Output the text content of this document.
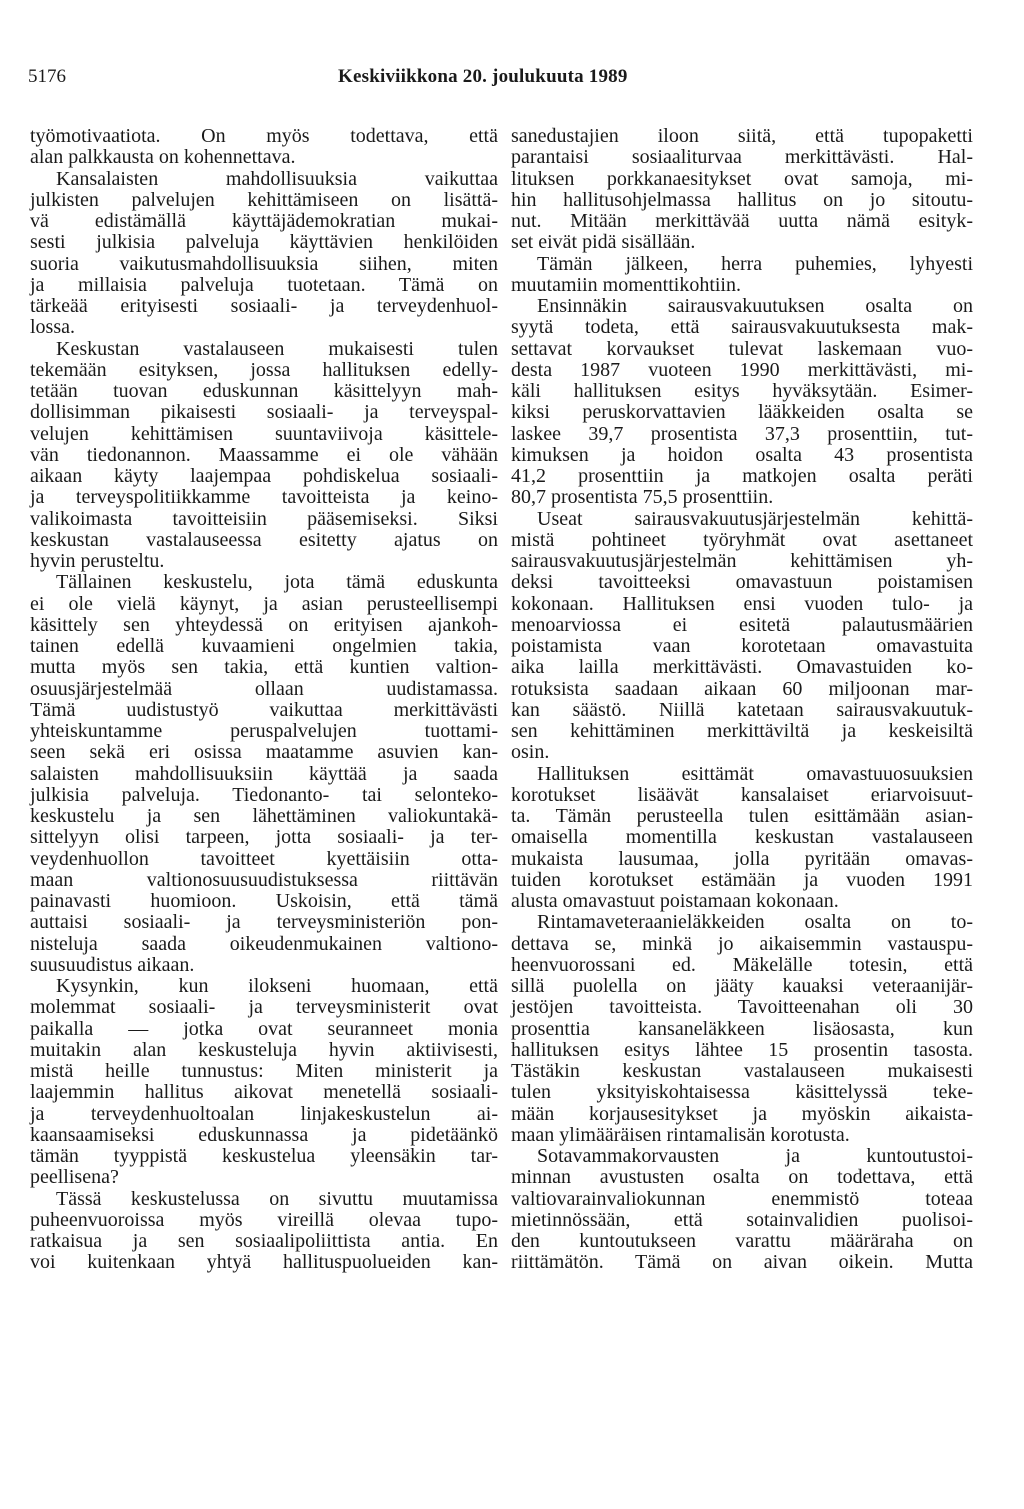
5176	Keskiviikkona 20. joulukuuta 1989
työmotivaatiota. On myös todettava, että
alan palkkausta on kohennettava.
Kansalaisten mahdollisuuksia vaikuttaa
julkisten palvelujen kehittämiseen on lisättä-
vä edistämällä käyttäjädemokratian mukai-
sesti julkisia palveluja käyttävien henkilöiden
suoria vaikutusmahdollisuuksia siihen, miten
ja millaisia palveluja tuotetaan. Tämä on
tärkeää erityisesti sosiaali- ja terveydenhuol-
lossa.
Keskustan vastalauseen mukaisesti tulen
tekemään esityksen, jossa hallituksen edelly-
tetään tuovan eduskunnan käsittelyyn mah-
dollisimman pikaisesti sosiaali- ja terveyspal-
velujen kehittämisen suuntaviivoja käsittele-
vän tiedonannon. Maassamme ei ole vähään
aikaan käyty laajempaa pohdiskelua sosiaali-
ja terveyspolitiikkamme tavoitteista ja keino-
valikoimasta tavoitteisiin pääsemiseksi. Siksi
keskustan vastalauseessa esitetty ajatus on
hyvin perusteltu.
Tällainen keskustelu, jota tämä eduskunta
ei ole vielä käynyt, ja asian perusteellisempi
käsittely sen yhteydessä on erityisen ajankoh-
tainen edellä kuvaamieni ongelmien takia,
mutta myös sen takia, että kuntien valtion-
osuusjärjestelmää ollaan uudistamassa.
Tämä uudistustyö vaikuttaa merkittävästi
yhteiskuntamme peruspalvelujen tuottami-
seen sekä eri osissa maatamme asuvien kan-
salaisten mahdollisuuksiin käyttää ja saada
julkisia palveluja. Tiedonanto- tai selonteko-
keskustelu ja sen lähettäminen valiokuntakä-
sittelyyn olisi tarpeen, jotta sosiaali- ja ter-
veydenhuollon tavoitteet kyettäisiin otta-
maan valtionosuusuudistuksessa riittävän
painavasti huomioon. Uskoisin, että tämä
auttaisi sosiaali- ja terveysministeriön pon-
nisteluja saada oikeudenmukainen valtiono-
suusuudistus aikaan.
Kysynkin, kun ilokseni huomaan, että
molemmat sosiaali- ja terveysministerit ovat
paikalla — jotka ovat seuranneet monia
muitakin alan keskusteluja hyvin aktiivisesti,
mistä heille tunnustus: Miten ministerit ja
laajemmin hallitus aikovat menetellä sosiaali-
ja terveydenhuoltoalan linjakeskustelun ai-
kaansaamiseksi eduskunnassa ja pidetäänkö
tämän tyyppistä keskustelua yleensäkin tar-
peellisena?
Tässä keskustelussa on sivuttu muutamissa
puheenvuoroissa myös vireillä olevaa tupo-
ratkaisua ja sen sosiaalipoliittista antia. En
voi kuitenkaan yhtyä hallituspuolueiden kan-
sanedustajien iloon siitä, että tupopaketti
parantaisi sosiaaliturvaa merkittävästi. Hal-
lituksen porkkanaesitykset ovat samoja, mi-
hin hallitusohjelmassa hallitus on jo sitoutu-
nut. Mitään merkittävää uutta nämä esityk-
set eivät pidä sisällään.
Tämän jälkeen, herra puhemies, lyhyesti
muutamiin momenttikohtiin.
Ensinnäkin sairausvakuutuksen osalta on
syytä todeta, että sairausvakuutuksesta mak-
settavat korvaukset tulevat laskemaan vuo-
desta 1987 vuoteen 1990 merkittävästi, mi-
käli hallituksen esitys hyväksytään. Esimer-
kiksi peruskorvattavien lääkkeiden osalta se
laskee 39,7 prosentista 37,3 prosenttiin, tut-
kimuksen ja hoidon osalta 43 prosentista
41,2 prosenttiin ja matkojen osalta peräti
80,7 prosentista 75,5 prosenttiin.
Useat sairausvakuutusjärjestelmän kehittä-
mistä pohtineet työryhmät ovat asettaneet
sairausvakuutusjärjestelmän kehittämisen yh-
deksi tavoitteeksi omavastuun poistamisen
kokonaan. Hallituksen ensi vuoden tulo- ja
menoarviossa ei esitetä palautusmäärien
poistamista vaan korotetaan omavastuita
aika lailla merkittävästi. Omavastuiden ko-
rotuksista saadaan aikaan 60 miljoonan mar-
kan säästö. Niillä katetaan sairausvakuutuk-
sen kehittäminen merkittäviltä ja keskeisiltä
osin.
Hallituksen esittämät omavastuuosuuksien
korotukset lisäävät kansalaiset eriarvoisuut-
ta. Tämän perusteella tulen esittämään asian-
omaisella momentilla keskustan vastalauseen
mukaista lausumaa, jolla pyritään omavas-
tuiden korotukset estämään ja vuoden 1991
alusta omavastuut poistamaan kokonaan.
Rintamaveteraanieläkkeiden osalta on to-
dettava se, minkä jo aikaisemmin vastauspu-
heenvuorossani ed. Mäkelälle totesin, että
sillä puolella on jääty kauaksi veteraanijär-
jestöjen tavoitteista. Tavoitteenahan oli 30
prosenttia kansaneläkkeen lisäosasta, kun
hallituksen esitys lähtee 15 prosentin tasosta.
Tästäkin keskustan vastalauseen mukaisesti
tulen yksityiskohtaisessa käsittelyssä teke-
mään korjausesitykset ja myöskin aikaista-
maan ylimääräisen rintamalisän korotusta.
Sotavammakorvausten ja kuntoutustoi-
minnan avustusten osalta on todettava, että
valtiovarainvaliokunnan enemmistö toteaa
mietinnössään, että sotainvalidien puolisoi-
den kuntoutukseen varattu määräraha on
riittämätön. Tämä on aivan oikein. Mutta
